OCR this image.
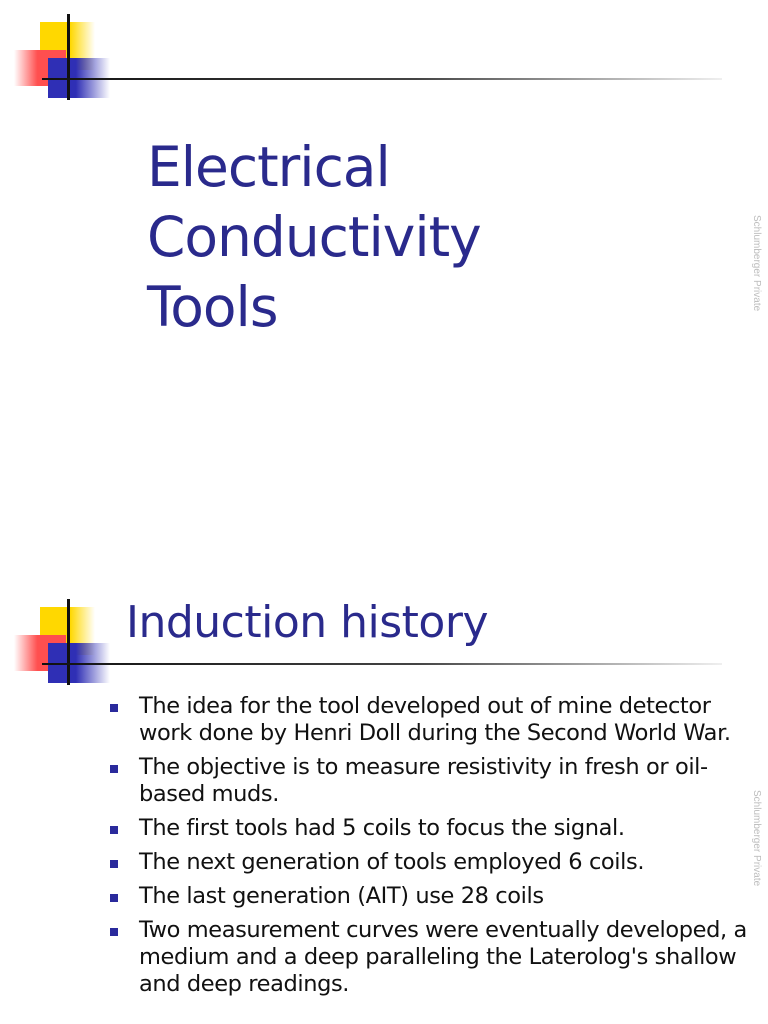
Electrical
Conductivity
Tools	Schlumberger Private
Induction history
The idea for the tool developed out of mine detector work done by Henri Doll during the Second World War.
The objective is to measure resistivity in fresh or oil-based muds.
The first tools had 5 coils to focus the signal.
The next generation of tools employed 6 coils.
The last generation (AIT) use 28 coils
Two measurement curves were eventually developed, a medium and a deep paralleling the Laterolog's shallow and deep readings.
Schlumberger Private
